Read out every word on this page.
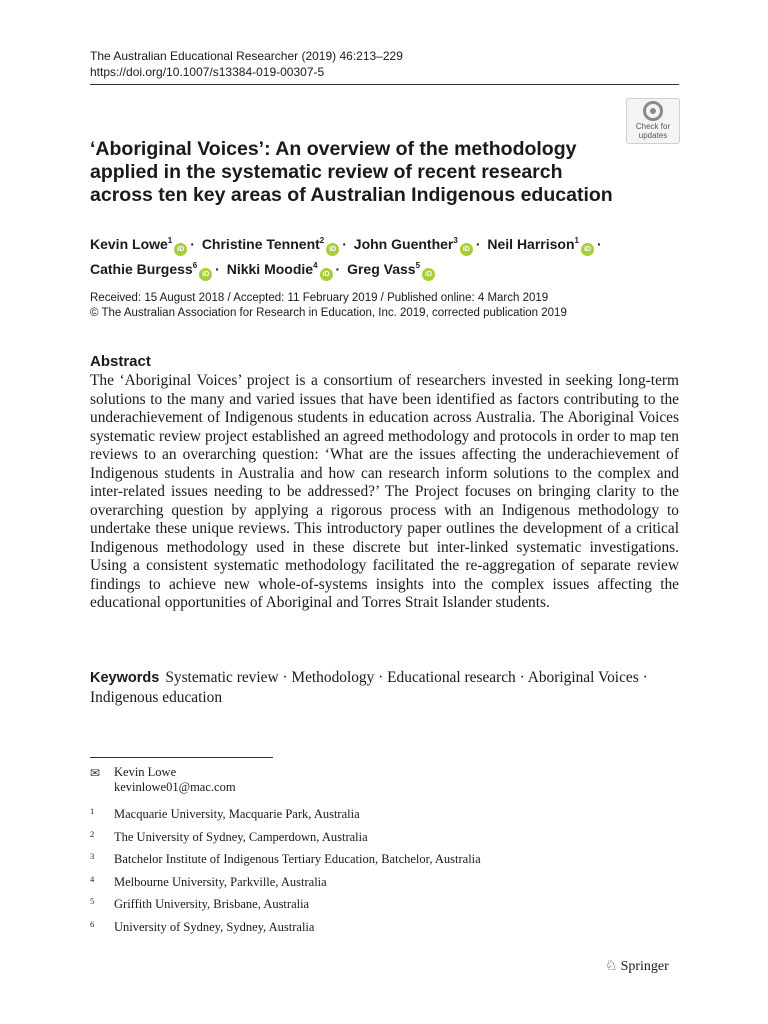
The Australian Educational Researcher (2019) 46:213–229
https://doi.org/10.1007/s13384-019-00307-5
Check for
updates
‘Aboriginal Voices’: An overview of the methodology applied in the systematic review of recent research across ten key areas of Australian Indigenous education
Kevin Lowe$^1$iD · Christine Tennent$^2$iD · John Guenther$^3$iD · Neil Harrison$^1$iD ·
Cathie Burgess$^6$iD · Nikki Moodie$^4$iD · Greg Vass$^5$iD
Received: 15 August 2018 / Accepted: 11 February 2019 / Published online: 4 March 2019
© The Australian Association for Research in Education, Inc. 2019, corrected publication 2019
Abstract

The ‘Aboriginal Voices’ project is a consortium of researchers invested in seeking long-term solutions to the many and varied issues that have been identified as factors contributing to the underachievement of Indigenous students in education across Australia. The Aboriginal Voices systematic review project established an agreed methodology and protocols in order to map ten reviews to an overarching question: ‘What are the issues affecting the underachievement of Indigenous students in Australia and how can research inform solutions to the complex and inter-related issues needing to be addressed?’ The Project focuses on bringing clarity to the overarching question by applying a rigorous process with an Indigenous methodology to undertake these unique reviews. This introductory paper outlines the development of a critical Indigenous methodology used in these discrete but inter-linked systematic investigations. Using a consistent systematic methodology facilitated the re-aggregation of separate review findings to achieve new whole-of-systems insights into the complex issues affecting the educational opportunities of Aboriginal and Torres Strait Islander students.

Keywords Systematic review · Methodology · Educational research · Aboriginal Voices · Indigenous education
✉ Kevin Lowe
kevinlowe01@mac.com
1 Macquarie University, Macquarie Park, Australia
2 The University of Sydney, Camperdown, Australia
3 Batchelor Institute of Indigenous Tertiary Education, Batchelor, Australia
4 Melbourne University, Parkville, Australia
5 Griffith University, Brisbane, Australia
6 University of Sydney, Sydney, Australia
♘ Springer
